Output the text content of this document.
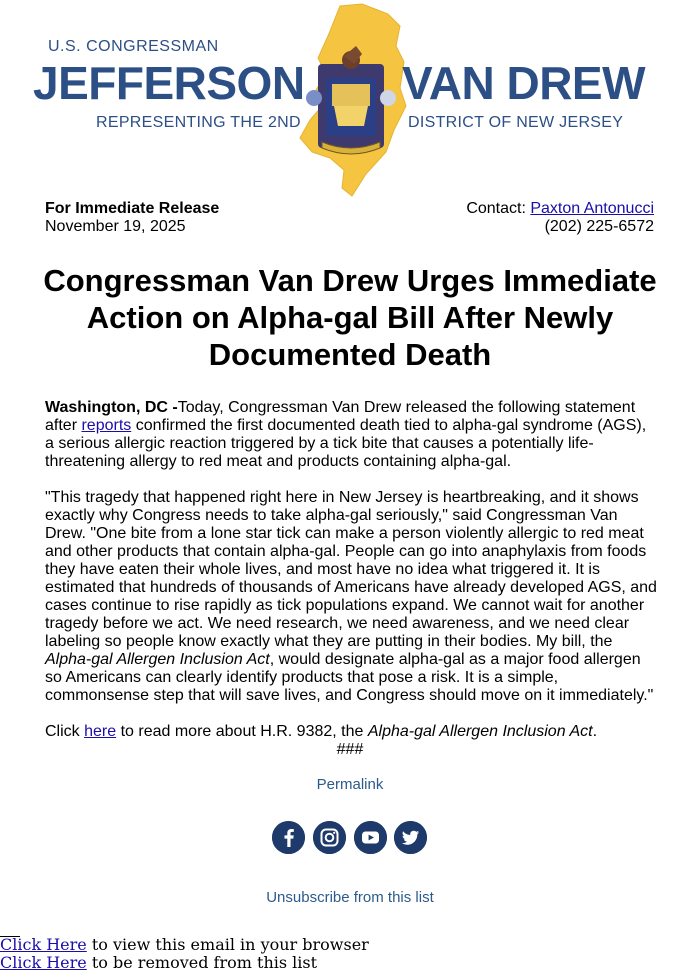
U.S. CONGRESSMAN
JEFFERSON VAN DREW
REPRESENTING THE 2ND	DISTRICT OF NEW JERSEY
For Immediate Release
November 19, 2025
Contact: Paxton Antonucci
(202) 225-6572
Congressman Van Drew Urges Immediate Action on Alpha-gal Bill After Newly Documented Death

Washington, DC -Today, Congressman Van Drew released the following statement after reports confirmed the first documented death tied to alpha-gal syndrome (AGS), a serious allergic reaction triggered by a tick bite that causes a potentially life-threatening allergy to red meat and products containing alpha-gal.

"This tragedy that happened right here in New Jersey is heartbreaking, and it shows exactly why Congress needs to take alpha-gal seriously," said Congressman Van Drew. "One bite from a lone star tick can make a person violently allergic to red meat and other products that contain alpha-gal. People can go into anaphylaxis from foods they have eaten their whole lives, and most have no idea what triggered it. It is estimated that hundreds of thousands of Americans have already developed AGS, and cases continue to rise rapidly as tick populations expand. We cannot wait for another tragedy before we act. We need research, we need awareness, and we need clear labeling so people know exactly what they are putting in their bodies. My bill, the Alpha-gal Allergen Inclusion Act, would designate alpha-gal as a major food allergen so Americans can clearly identify products that pose a risk. It is a simple, commonsense step that will save lives, and Congress should move on it immediately."

Click here to read more about H.R. 9382, the Alpha-gal Allergen Inclusion Act.

###
Permalink
Unsubscribe from this list
Click Here to view this email in your browser
Click Here to be removed from this list
